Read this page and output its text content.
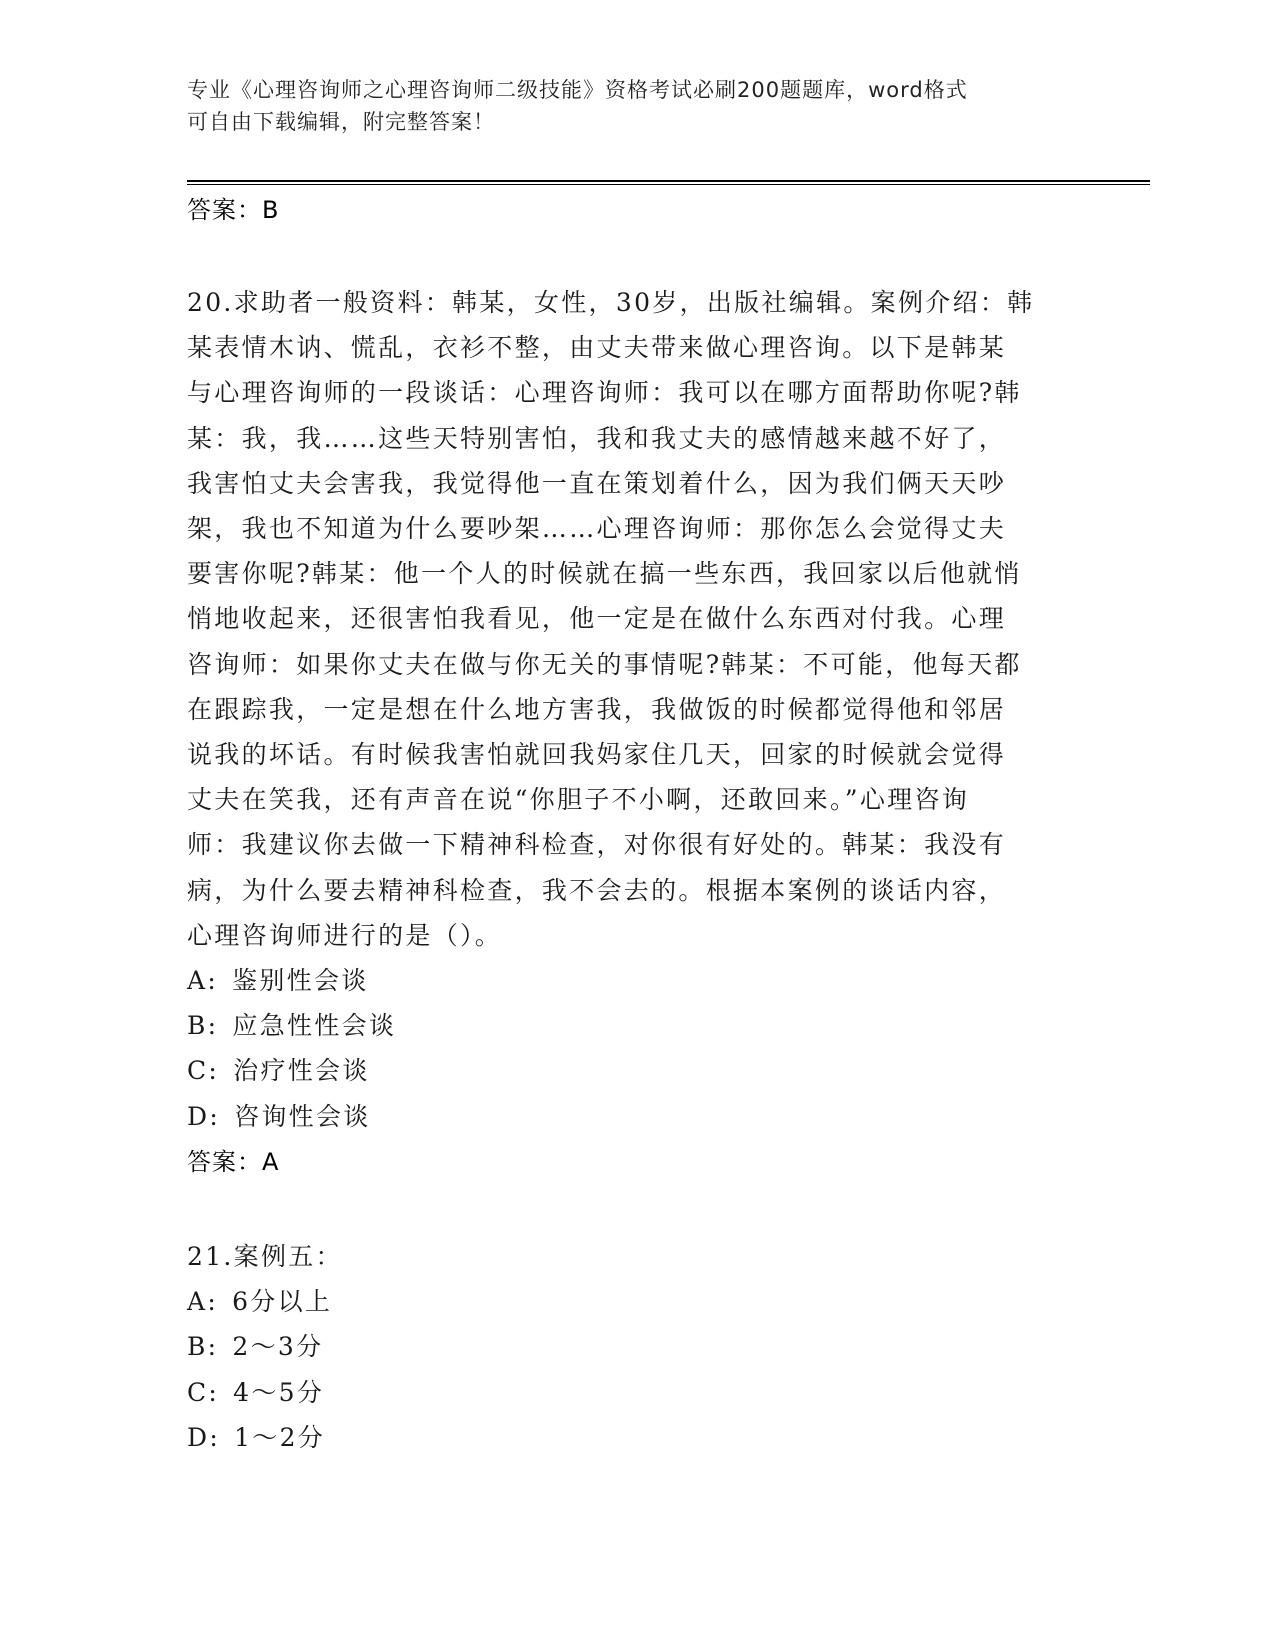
专业《心理咨询师之心理咨询师二级技能》资格考试必刷200题题库，word格式
可自由下载编辑，附完整答案！
答案：B
20.求助者一般资料：韩某，女性，30岁，出版社编辑。案例介绍：韩
某表情木讷、慌乱，衣衫不整，由丈夫带来做心理咨询。以下是韩某
与心理咨询师的一段谈话：心理咨询师：我可以在哪方面帮助你呢?韩
某：我，我……这些天特别害怕，我和我丈夫的感情越来越不好了，
我害怕丈夫会害我，我觉得他一直在策划着什么，因为我们俩天天吵
架，我也不知道为什么要吵架……心理咨询师：那你怎么会觉得丈夫
要害你呢?韩某：他一个人的时候就在搞一些东西，我回家以后他就悄
悄地收起来，还很害怕我看见，他一定是在做什么东西对付我。心理
咨询师：如果你丈夫在做与你无关的事情呢?韩某：不可能，他每天都
在跟踪我，一定是想在什么地方害我，我做饭的时候都觉得他和邻居
说我的坏话。有时候我害怕就回我妈家住几天，回家的时候就会觉得
丈夫在笑我，还有声音在说“你胆子不小啊，还敢回来。”心理咨询
师：我建议你去做一下精神科检查，对你很有好处的。韩某：我没有
病，为什么要去精神科检查，我不会去的。根据本案例的谈话内容，
心理咨询师进行的是（）。
A: 鉴别性会谈
B: 应急性性会谈
C: 治疗性会谈
D: 咨询性会谈
答案：A
21.案例五：
A: 6分以上
B: 2～3分
C: 4～5分
D: 1～2分
